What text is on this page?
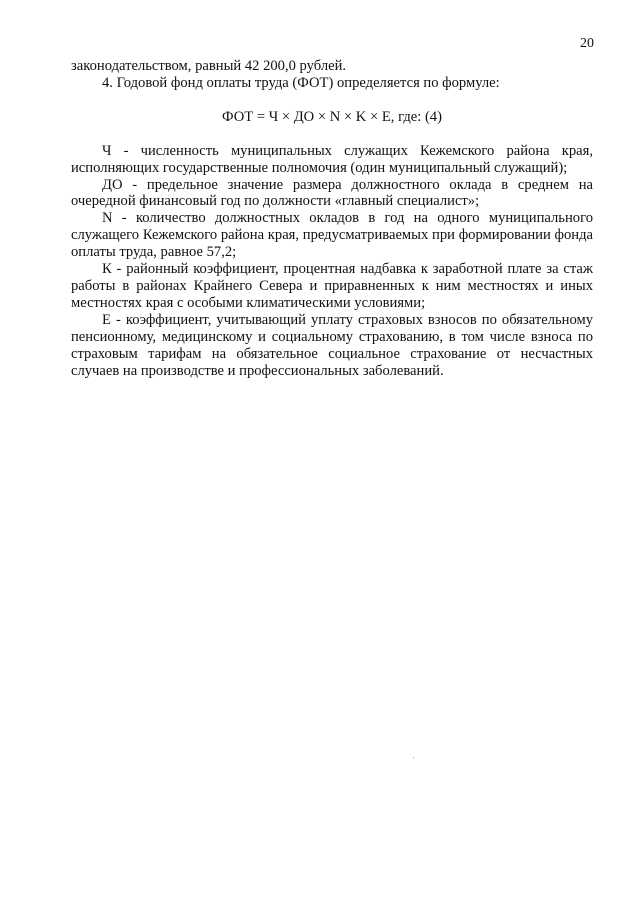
20

законодательством, равный 42 200,0 рублей.

4. Годовой фонд оплаты труда (ФОТ) определяется по формуле:

ФОТ = Ч × ДО × N × K × E, где: (4)

Ч - численность муниципальных служащих Кежемского района края, исполняющих государственные полномочия (один муниципальный служащий);

ДО - предельное значение размера должностного оклада в среднем на очередной финансовый год по должности «главный специалист»;

N - количество должностных окладов в год на одного муниципального служащего Кежемского района края, предусматриваемых при формировании фонда оплаты труда, равное 57,2;

К - районный коэффициент, процентная надбавка к заработной плате за стаж работы в районах Крайнего Севера и приравненных к ним местностях и иных местностях края с особыми климатическими условиями;

Е - коэффициент, учитывающий уплату страховых взносов по обязательному пенсионному, медицинскому и социальному страхованию, в том числе взноса по страховым тарифам на обязательное социальное страхование от несчастных случаев на производстве и профессиональных заболеваний.
